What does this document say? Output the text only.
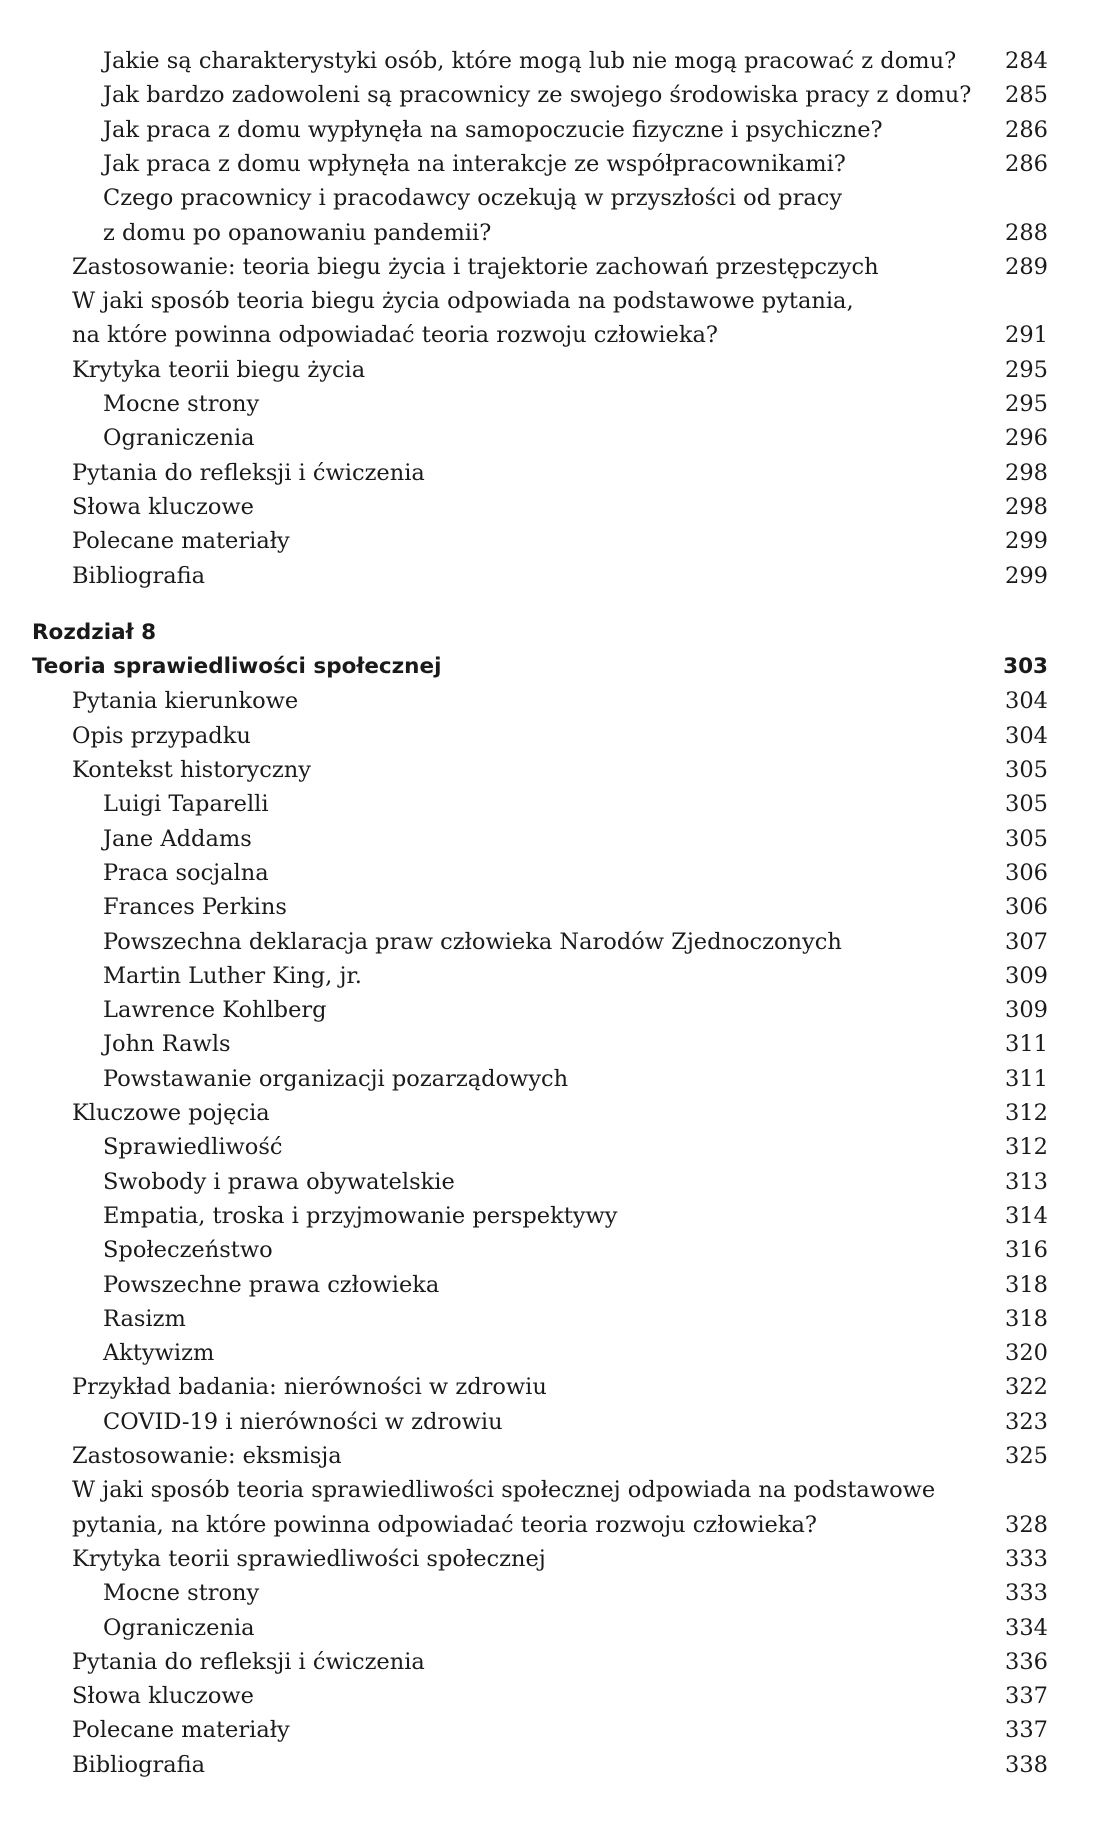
Jakie są charakterystyki osób, które mogą lub nie mogą pracować z domu? 284
Jak bardzo zadowoleni są pracownicy ze swojego środowiska pracy z domu? 285
Jak praca z domu wypłynęła na samopoczucie fizyczne i psychiczne?	286
Jak praca z domu wpłynęła na interakcje ze współpracownikami?	286
Czego pracownicy i pracodawcy oczekują w przyszłości od pracy
z domu po opanowaniu pandemii?	288
Zastosowanie: teoria biegu życia i trajektorie zachowań przestępczych	289
W jaki sposób teoria biegu życia odpowiada na podstawowe pytania,
na które powinna odpowiadać teoria rozwoju człowieka?	291
Krytyka teorii biegu życia	295
Mocne strony	295
Ograniczenia	296
Pytania do refleksji i ćwiczenia	298
Słowa kluczowe	298
Polecane materiały	299
Bibliografia	299
Rozdział 8
Teoria sprawiedliwości społecznej	303
Pytania kierunkowe	304
Opis przypadku	304
Kontekst historyczny	305
Luigi Taparelli	305
Jane Addams	305
Praca socjalna	306
Frances Perkins	306
Powszechna deklaracja praw człowieka Narodów Zjednoczonych	307
Martin Luther King, jr.	309
Lawrence Kohlberg	309
John Rawls	311
Powstawanie organizacji pozarządowych	311
Kluczowe pojęcia	312
Sprawiedliwość	312
Swobody i prawa obywatelskie	313
Empatia, troska i przyjmowanie perspektywy	314
Społeczeństwo	316
Powszechne prawa człowieka	318
Rasizm	318
Aktywizm	320
Przykład badania: nierówności w zdrowiu	322
COVID-19 i nierówności w zdrowiu	323
Zastosowanie: eksmisja	325
W jaki sposób teoria sprawiedliwości społecznej odpowiada na podstawowe
pytania, na które powinna odpowiadać teoria rozwoju człowieka?	328
Krytyka teorii sprawiedliwości społecznej	333
Mocne strony	333
Ograniczenia	334
Pytania do refleksji i ćwiczenia	336
Słowa kluczowe	337
Polecane materiały	337
Bibliografia	338
